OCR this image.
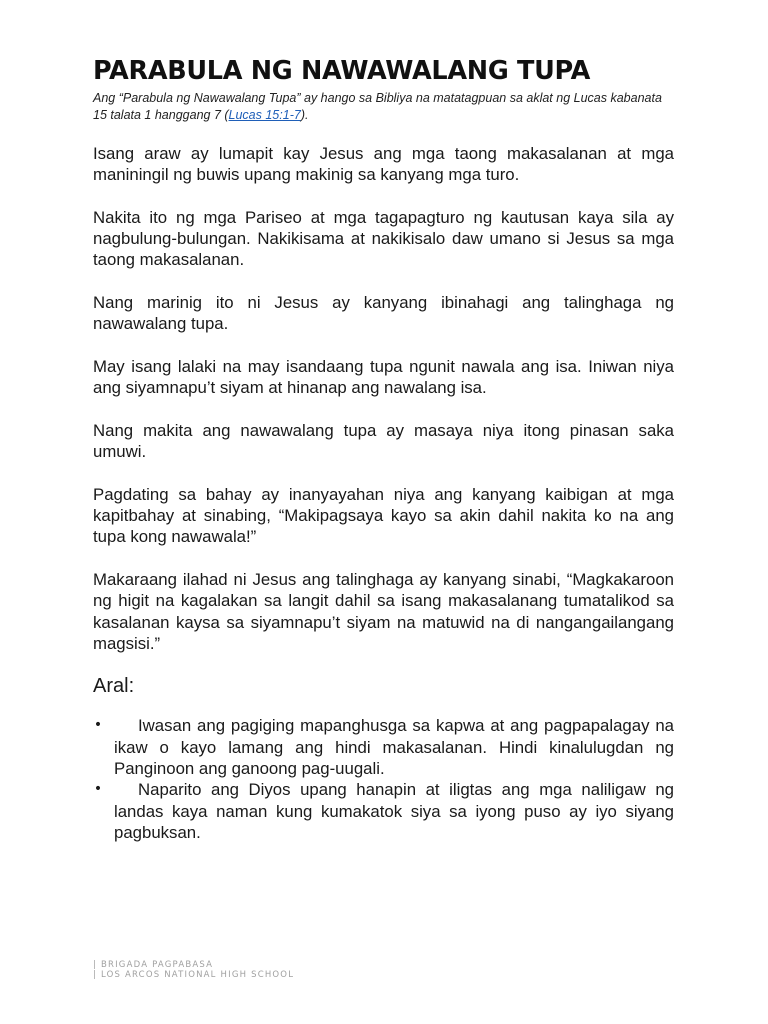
PARABULA NG NAWAWALANG TUPA
Ang “Parabula ng Nawawalang Tupa” ay hango sa Bibliya na matatagpuan sa aklat ng Lucas kabanata 15 talata 1 hanggang 7 (Lucas 15:1-7).

Isang araw ay lumapit kay Jesus ang mga taong makasalanan at mga maniningil ng buwis upang makinig sa kanyang mga turo.

Nakita ito ng mga Pariseo at mga tagapagturo ng kautusan kaya sila ay nagbulung-bulungan. Nakikisama at nakikisalo daw umano si Jesus sa mga taong makasalanan.

Nang marinig ito ni Jesus ay kanyang ibinahagi ang talinghaga ng nawawalang tupa.

May isang lalaki na may isandaang tupa ngunit nawala ang isa. Iniwan niya ang siyamnapu’t siyam at hinanap ang nawalang isa.

Nang makita ang nawawalang tupa ay masaya niya itong pinasan saka umuwi.

Pagdating sa bahay ay inanyayahan niya ang kanyang kaibigan at mga kapitbahay at sinabing, “Makipagsaya kayo sa akin dahil nakita ko na ang tupa kong nawawala!”

Makaraang ilahad ni Jesus ang talinghaga ay kanyang sinabi, “Magkakaroon ng higit na kagalakan sa langit dahil sa isang makasalanang tumatalikod sa kasalanan kaysa sa siyamnapu’t siyam na matuwid na di nangangailangang magsisi.”

Aral:
•	Iwasan ang pagiging mapanghusga sa kapwa at ang pagpapalagay na ikaw o kayo lamang ang hindi makasalanan. Hindi kinalulugdan ng Panginoon ang ganoong pag-uugali.
•	Naparito ang Diyos upang hanapin at iligtas ang mga naliligaw ng landas kaya naman kung kumakatok siya sa iyong puso ay iyo siyang pagbuksan.
| BRIGADA PAGPABASA
| LOS ARCOS NATIONAL HIGH SCHOOL
